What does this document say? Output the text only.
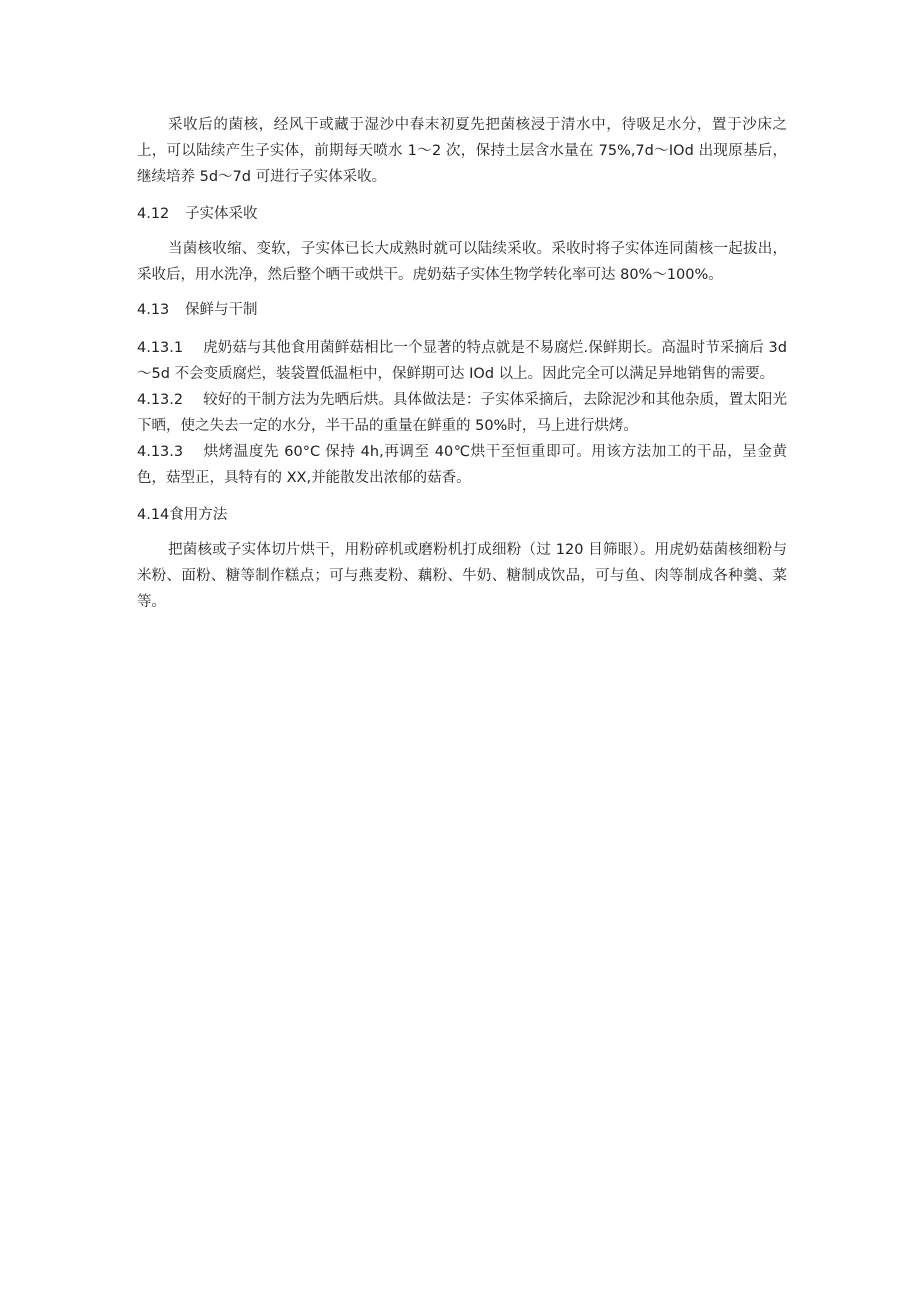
采收后的菌核，经风干或藏于湿沙中春末初夏先把菌核浸于清水中，待吸足水分，置于沙床之上，可以陆续产生子实体，前期每天喷水 1～2 次，保持土层含水量在 75%,7d～IOd 出现原基后，继续培养 5d～7d 可进行子实体采收。

4.12	子实体采收

当菌核收缩、变软，子实体已长大成熟时就可以陆续采收。采收时将子实体连同菌核一起拔出，采收后，用水洗净，然后整个晒干或烘干。虎奶菇子实体生物学转化率可达 80%～100%。

4.13	保鲜与干制

4.13.1 虎奶菇与其他食用菌鲜菇相比一个显著的特点就是不易腐烂.保鲜期长。高温时节采摘后 3d～5d 不会变质腐烂，装袋置低温柜中，保鲜期可达 IOd 以上。因此完全可以满足异地销售的需要。

4.13.2 较好的干制方法为先晒后烘。具体做法是：子实体采摘后，去除泥沙和其他杂质，置太阳光下晒，使之失去一定的水分，半干品的重量在鲜重的 50%时，马上进行烘烤。

4.13.3 烘烤温度先 60°C 保持 4h,再调至 40℃烘干至恒重即可。用该方法加工的干品，呈金黄色，菇型正，具特有的 XX,并能散发出浓郁的菇香。

4.14 食用方法

把菌核或子实体切片烘干，用粉碎机或磨粉机打成细粉（过 120 目筛眼）。用虎奶菇菌核细粉与米粉、面粉、糖等制作糕点；可与燕麦粉、藕粉、牛奶、糖制成饮品，可与鱼、肉等制成各种羹、菜等。
